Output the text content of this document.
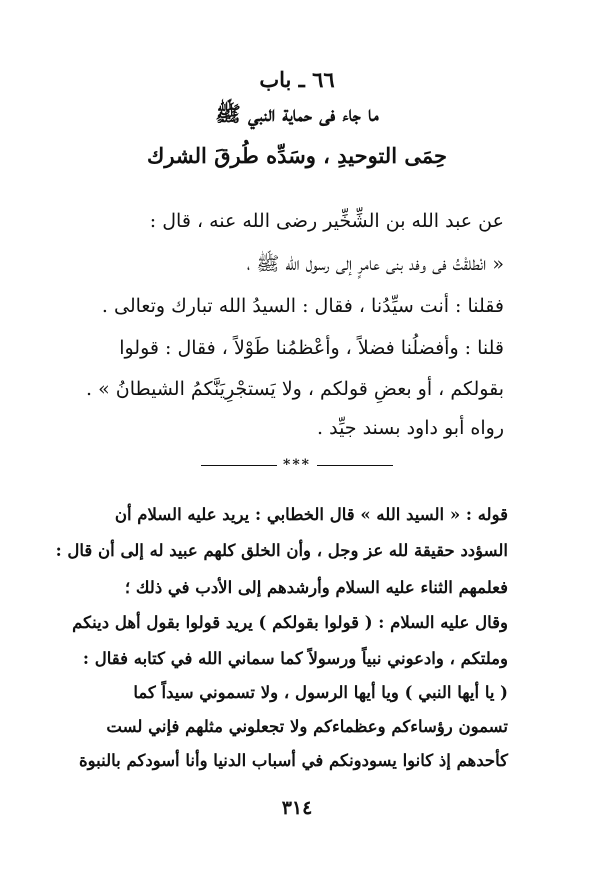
٦٦ ـ باب
ما جاء فى حماية النبي ﷺ
حِمَى التوحيدِ ، وسَدِّه طُرقَ الشرك
عن عبد الله بن الشِّخِّير رضى الله عنه ، قال :
« انْطلقْتُ فى وفد بنى عامرٍ إلى رسول الله ﷺ ،
فقلنا : أنت سيِّدُنا ، فقال : السيدُ الله تبارك وتعالى .
قلنا : وأفضلُنا فضلاً ، وأعْظمُنا طَوْلاً ، فقال : قولوا
بقولكم ، أو بعضِ قولكم ، ولا يَستجْرِيَنَّكمُ الشيطانُ » .
رواه أبو داود بسند جيِّد .
***
قوله : « السيد الله » قال الخطابي : يريد عليه السلام أن
السؤدد حقيقة لله عز وجل ، وأن الخلق كلهم عبيد له إلى أن قال :
فعلمهم الثناء عليه السلام وأرشدهم إلى الأدب في ذلك ؛
وقال عليه السلام : ( قولوا بقولكم ) يريد قولوا بقول أهل دينكم
وملتكم ، وادعوني نبياً ورسولاً كما سماني الله في كتابه فقال :
( يا أيها النبي ) ويا أيها الرسول ، ولا تسموني سيداً كما
تسمون رؤساءكم وعظماءكم ولا تجعلوني مثلهم فإني لست
كأحدهم إذ كانوا يسودونكم في أسباب الدنيا وأنا أسودكم بالنبوة
٣١٤
